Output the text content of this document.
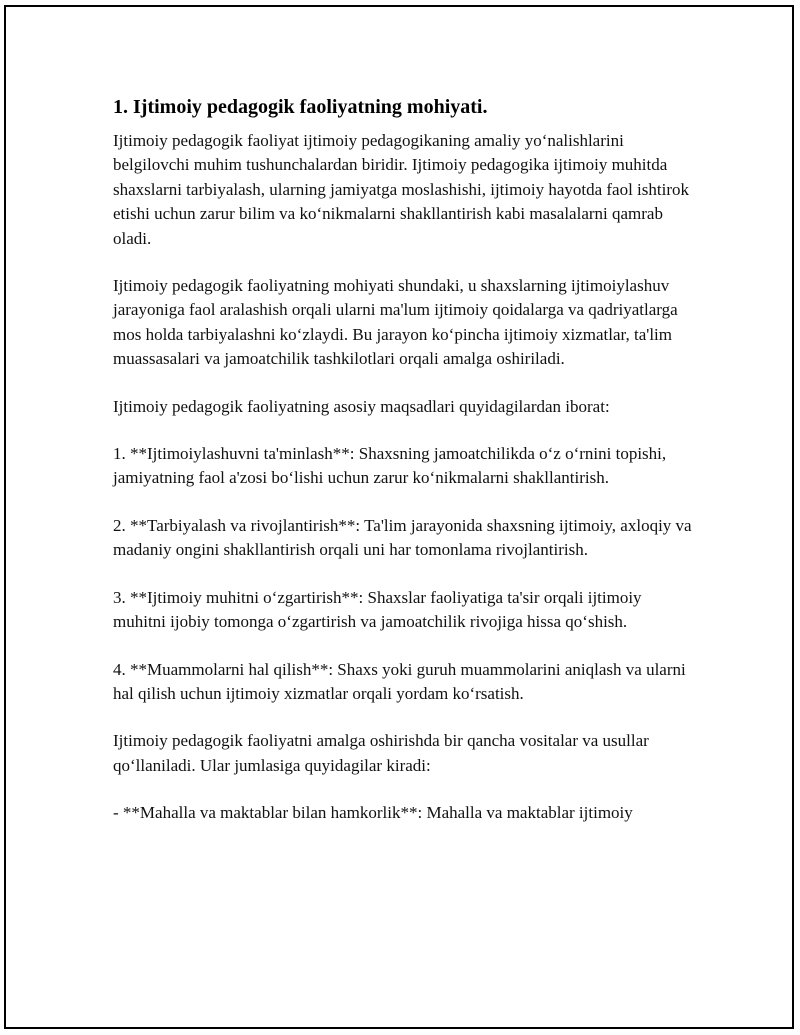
1. Ijtimoiy pedagogik faoliyatning mohiyati.

Ijtimoiy pedagogik faoliyat ijtimoiy pedagogikaning amaliy yo‘nalishlarini belgilovchi muhim tushunchalardan biridir. Ijtimoiy pedagogika ijtimoiy muhitda shaxslarni tarbiyalash, ularning jamiyatga moslashishi, ijtimoiy hayotda faol ishtirok etishi uchun zarur bilim va ko‘nikmalarni shakllantirish kabi masalalarni qamrab oladi.

Ijtimoiy pedagogik faoliyatning mohiyati shundaki, u shaxslarning ijtimoiylashuv jarayoniga faol aralashish orqali ularni ma'lum ijtimoiy qoidalarga va qadriyatlarga mos holda tarbiyalashni ko‘zlaydi. Bu jarayon ko‘pincha ijtimoiy xizmatlar, ta'lim muassasalari va jamoatchilik tashkilotlari orqali amalga oshiriladi.

Ijtimoiy pedagogik faoliyatning asosiy maqsadlari quyidagilardan iborat:

1. **Ijtimoiylashuvni ta'minlash**: Shaxsning jamoatchilikda o‘z o‘rnini topishi, jamiyatning faol a'zosi bo‘lishi uchun zarur ko‘nikmalarni shakllantirish.

2. **Tarbiyalash va rivojlantirish**: Ta'lim jarayonida shaxsning ijtimoiy, axloqiy va madaniy ongini shakllantirish orqali uni har tomonlama rivojlantirish.

3. **Ijtimoiy muhitni o‘zgartirish**: Shaxslar faoliyatiga ta'sir orqali ijtimoiy muhitni ijobiy tomonga o‘zgartirish va jamoatchilik rivojiga hissa qo‘shish.

4. **Muammolarni hal qilish**: Shaxs yoki guruh muammolarini aniqlash va ularni hal qilish uchun ijtimoiy xizmatlar orqali yordam ko‘rsatish.

Ijtimoiy pedagogik faoliyatni amalga oshirishda bir qancha vositalar va usullar qo‘llaniladi. Ular jumlasiga quyidagilar kiradi:

- **Mahalla va maktablar bilan hamkorlik**: Mahalla va maktablar ijtimoiy
